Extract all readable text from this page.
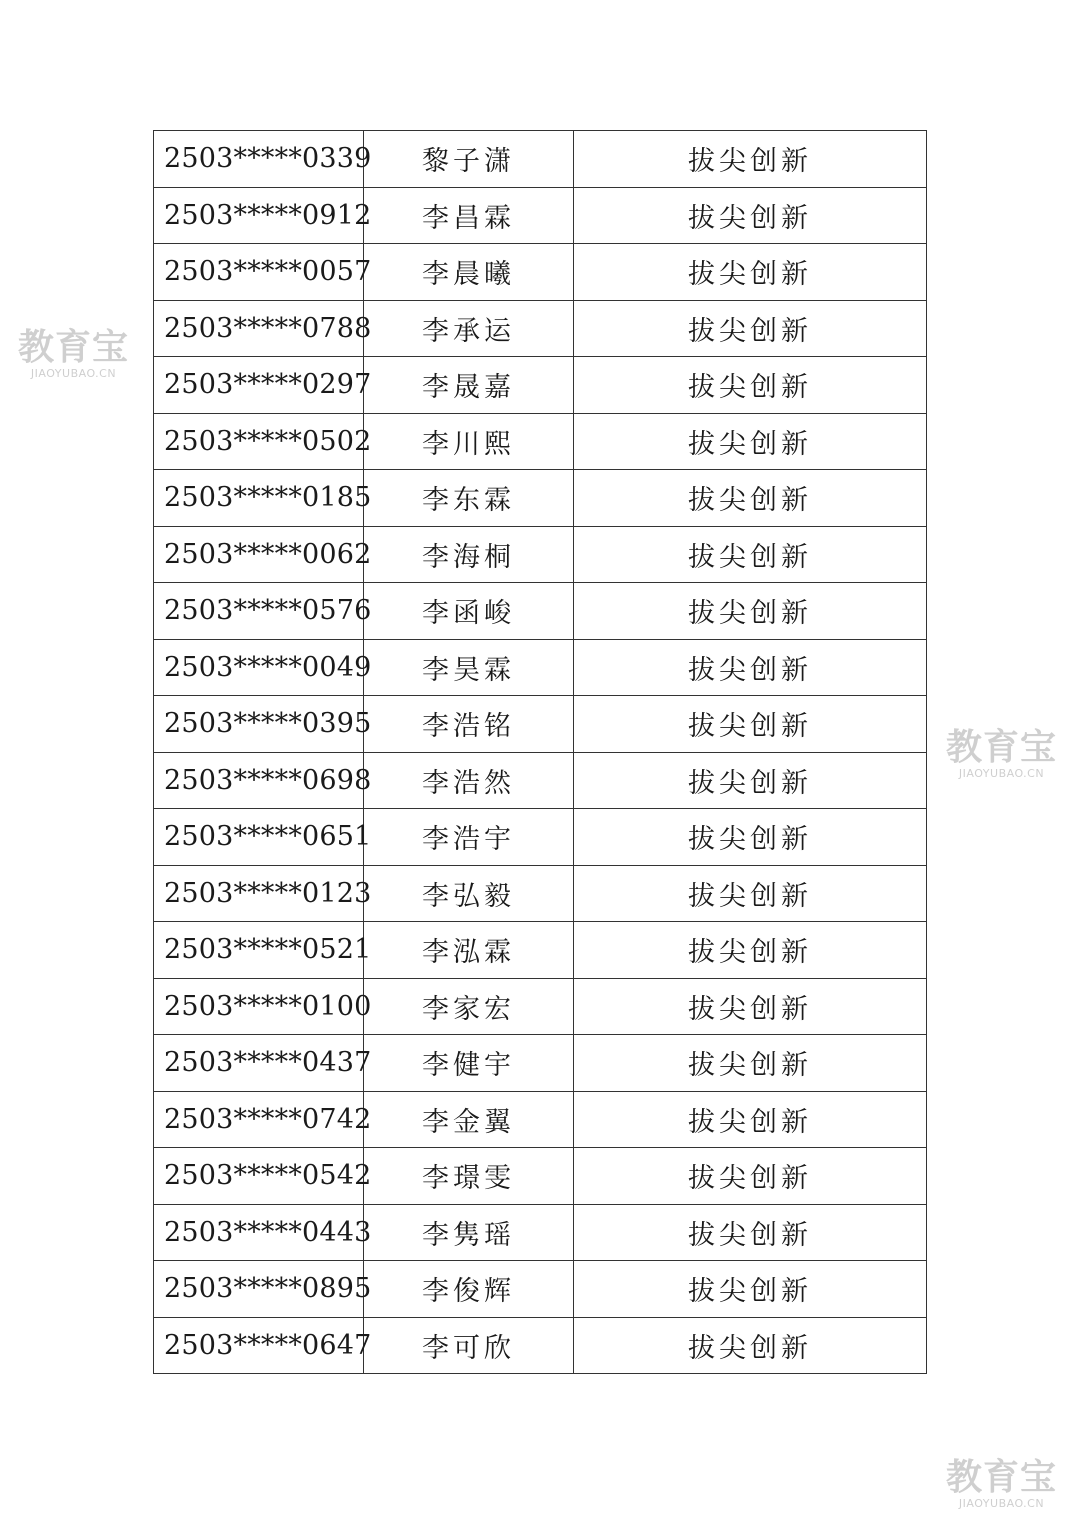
2503*****0339	黎子潇	拔尖创新
2503*****0912	李昌霖	拔尖创新
2503*****0057	李晨曦	拔尖创新
2503*****0788	李承运	拔尖创新
2503*****0297	李晟嘉	拔尖创新
2503*****0502	李川熙	拔尖创新
2503*****0185	李东霖	拔尖创新
2503*****0062	李海桐	拔尖创新
2503*****0576	李函峻	拔尖创新
2503*****0049	李昊霖	拔尖创新
2503*****0395	李浩铭	拔尖创新
2503*****0698	李浩然	拔尖创新
2503*****0651	李浩宇	拔尖创新
2503*****0123	李弘毅	拔尖创新
2503*****0521	李泓霖	拔尖创新
2503*****0100	李家宏	拔尖创新
2503*****0437	李健宇	拔尖创新
2503*****0742	李金翼	拔尖创新
2503*****0542	李璟雯	拔尖创新
2503*****0443	李隽瑶	拔尖创新
2503*****0895	李俊辉	拔尖创新
2503*****0647	李可欣	拔尖创新
教育宝
JIAOYUBAO.CN
教育宝
JIAOYUBAO.CN
教育宝
JIAOYUBAO.CN
